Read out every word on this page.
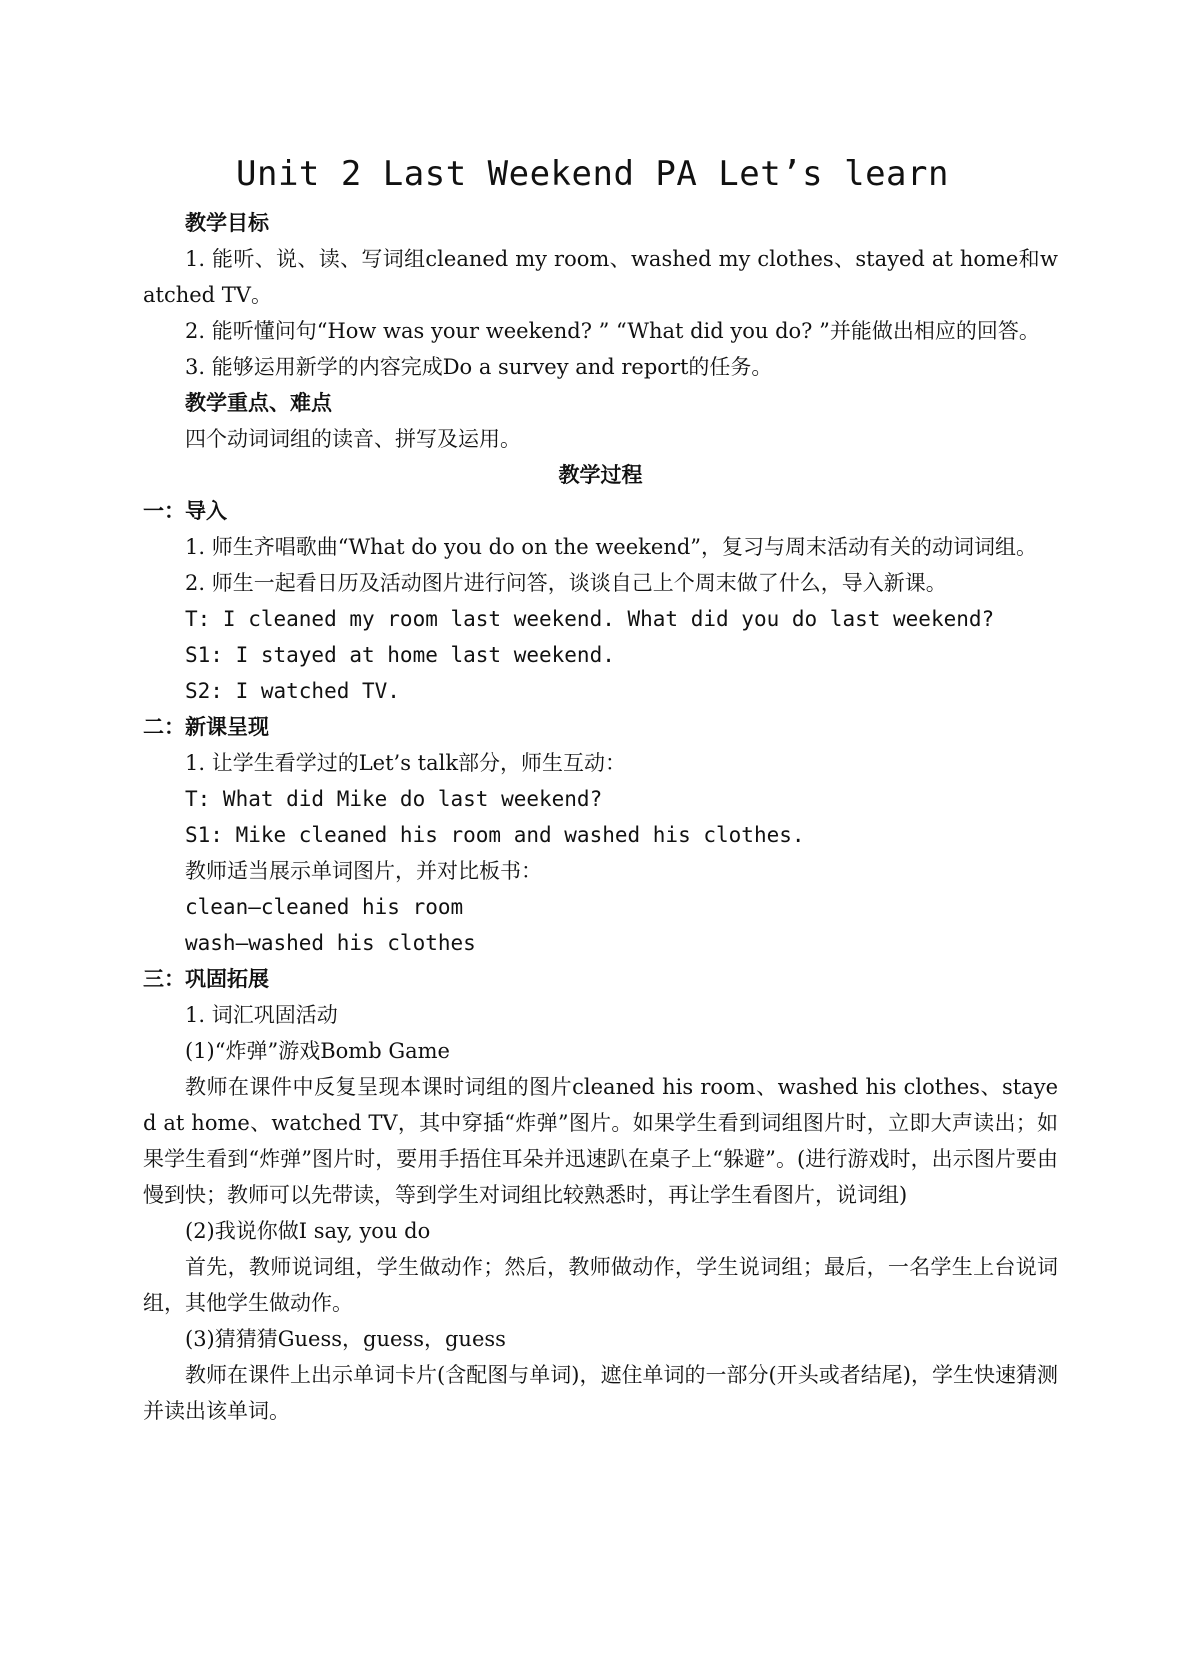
Unit 2 Last Weekend PA Let’s learn

教学目标

1. 能听、说、读、写词组cleaned my room、washed my clothes、stayed at home和watched TV。

2. 能听懂问句“How was your weekend? ” “What did you do? ”并能做出相应的回答。

3. 能够运用新学的内容完成Do a survey and report的任务。

教学重点、难点

四个动词词组的读音、拼写及运用。

教学过程

一：导入

1. 师生齐唱歌曲“What do you do on the weekend”，复习与周末活动有关的动词词组。

2. 师生一起看日历及活动图片进行问答，谈谈自己上个周末做了什么，导入新课。

T: I cleaned my room last weekend. What did you do last weekend?

S1: I stayed at home last weekend.

S2: I watched TV.

二：新课呈现

1. 让学生看学过的Let’s talk部分，师生互动：

T: What did Mike do last weekend?

S1: Mike cleaned his room and washed his clothes.

教师适当展示单词图片，并对比板书：

clean—cleaned his room

wash—washed his clothes

三：巩固拓展

1. 词汇巩固活动

(1)“炸弹”游戏Bomb Game

教师在课件中反复呈现本课时词组的图片cleaned his room、washed his clothes、stayed at home、watched TV，其中穿插“炸弹”图片。如果学生看到词组图片时，立即大声读出；如果学生看到“炸弹”图片时，要用手捂住耳朵并迅速趴在桌子上“躲避”。(进行游戏时，出示图片要由慢到快；教师可以先带读，等到学生对词组比较熟悉时，再让学生看图片，说词组)

(2)我说你做I say, you do

首先，教师说词组，学生做动作；然后，教师做动作，学生说词组；最后，一名学生上台说词组，其他学生做动作。

(3)猜猜猜Guess，guess，guess

教师在课件上出示单词卡片(含配图与单词)，遮住单词的一部分(开头或者结尾)，学生快速猜测并读出该单词。
